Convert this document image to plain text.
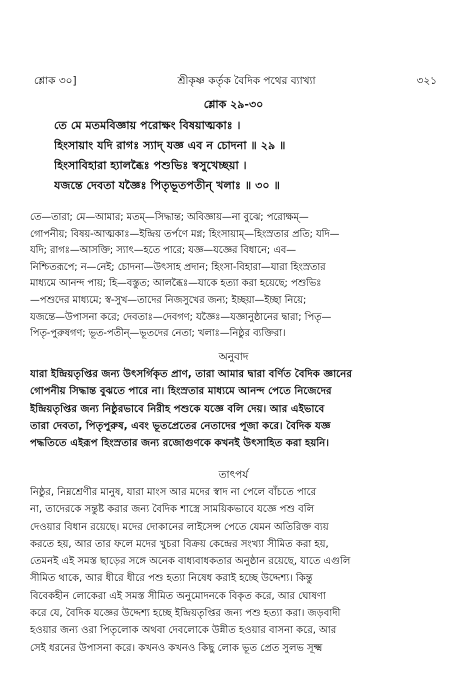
শ্লোক ৩০]	শ্রীকৃষ্ণ কর্তৃক বৈদিক পথের ব্যাখ্যা	৩২১
শ্লোক ২৯-৩০
তে মে মতমবিজ্ঞায় পরোক্ষং বিষয়াত্মকাঃ ।
হিংসায়াং যদি রাগঃ স্যাদ্ যজ্ঞ এব ন চোদনা ॥ ২৯ ॥
হিংসাবিহারা হ্যালব্ধৈঃ পশুভিঃ স্বসুখেচ্ছয়া ।
যজন্তে দেবতা যজ্ঞৈঃ পিতৃভূতপতীন্ খলাঃ ॥ ৩০ ॥
তে—তারা; মে—আমার; মতম্—সিদ্ধান্ত; অবিজ্ঞায়—না বুঝে; পরোক্ষম্—
গোপনীয়; বিষয়-আত্মকাঃ—ইন্দ্রিয় তর্পণে মগ্ন; হিংসায়াম্—হিংস্রতার প্রতি; যদি—
যদি; রাগঃ—আসক্তি; স্যাৎ—হতে পারে; যজ্ঞ—যজ্ঞের বিধানে; এব—
নিশ্চিতরূপে; ন—নেই; চোদনা—উৎসাহ প্রদান; হিংসা-বিহারা—যারা হিংস্রতার
মাধ্যমে আনন্দ পায়; হি—বস্তুত; আলব্ধৈঃ—যাকে হত্যা করা হয়েছে; পশুভিঃ
—পশুদের মাধ্যমে; স্ব-সুখ—তাদের নিজসুখের জন্য; ইচ্ছয়া—ইচ্ছা নিয়ে;
যজন্তে—উপাসনা করে; দেবতাঃ—দেবগণ; যজ্ঞৈঃ—যজ্ঞানুষ্ঠানের দ্বারা; পিতৃ—
পিতৃ-পুরুষগণ; ভূত-পতীন্—ভূতদের নেতা; খলাঃ—নিষ্ঠুর ব্যক্তিরা।
অনুবাদ
যারা ইন্দ্রিয়তৃপ্তির জন্য উৎসর্গিকৃত প্রাণ, তারা আমার দ্বারা বর্ণিত বৈদিক জ্ঞানের
গোপনীয় সিদ্ধান্ত বুঝতে পারে না। হিংস্রতার মাধ্যমে আনন্দ পেতে নিজেদের
ইন্দ্রিয়তৃপ্তির জন্য নিষ্ঠুরভাবে নিরীহ পশুকে যজ্ঞে বলি দেয়। আর এইভাবে
তারা দেবতা, পিতৃপুরুষ, এবং ভূতপ্রেতের নেতাদের পূজা করে। বৈদিক যজ্ঞ
পদ্ধতিতে এইরূপ হিংস্রতার জন্য রজোগুণকে কখনই উৎসাহিত করা হয়নি।
তাৎপর্য
নিষ্ঠুর, নিম্নশ্রেণীর মানুষ, যারা মাংস আর মদের স্বাদ না পেলে বাঁচতে পারে
না, তাদেরকে সন্তুষ্ট করার জন্য বৈদিক শাস্ত্রে সাময়িকভাবে যজ্ঞে পশু বলি
দেওয়ার বিধান রয়েছে। মদের দোকানের লাইসেন্স পেতে যেমন অতিরিক্ত ব্যয়
করতে হয়, আর তার ফলে মদের খুচরা বিক্রয় কেন্দ্রের সংখ্যা সীমিত করা হয়,
তেমনই এই সমস্ত ছাড়ের সঙ্গে অনেক বাধ্যবাধকতার অনুষ্ঠান রয়েছে, যাতে এগুলি
সীমিত থাকে, আর ধীরে ধীরে পশু হত্যা নিষেধ করাই হচ্ছে উদ্দেশ্য। কিন্তু
বিবেকহীন লোকেরা এই সমস্ত সীমিত অনুমোদনকে বিকৃত করে, আর ঘোষণা
করে যে, বৈদিক যজ্ঞের উদ্দেশ্য হচ্ছে ইন্দ্রিয়তৃপ্তির জন্য পশু হত্যা করা। জড়বাদী
হওয়ার জন্য ওরা পিতৃলোক অথবা দেবলোকে উন্নীত হওয়ার বাসনা করে, আর
সেই ধরনের উপাসনা করে। কখনও কখনও কিছু লোক ভূত প্রেত সুলভ সূক্ষ্ম
